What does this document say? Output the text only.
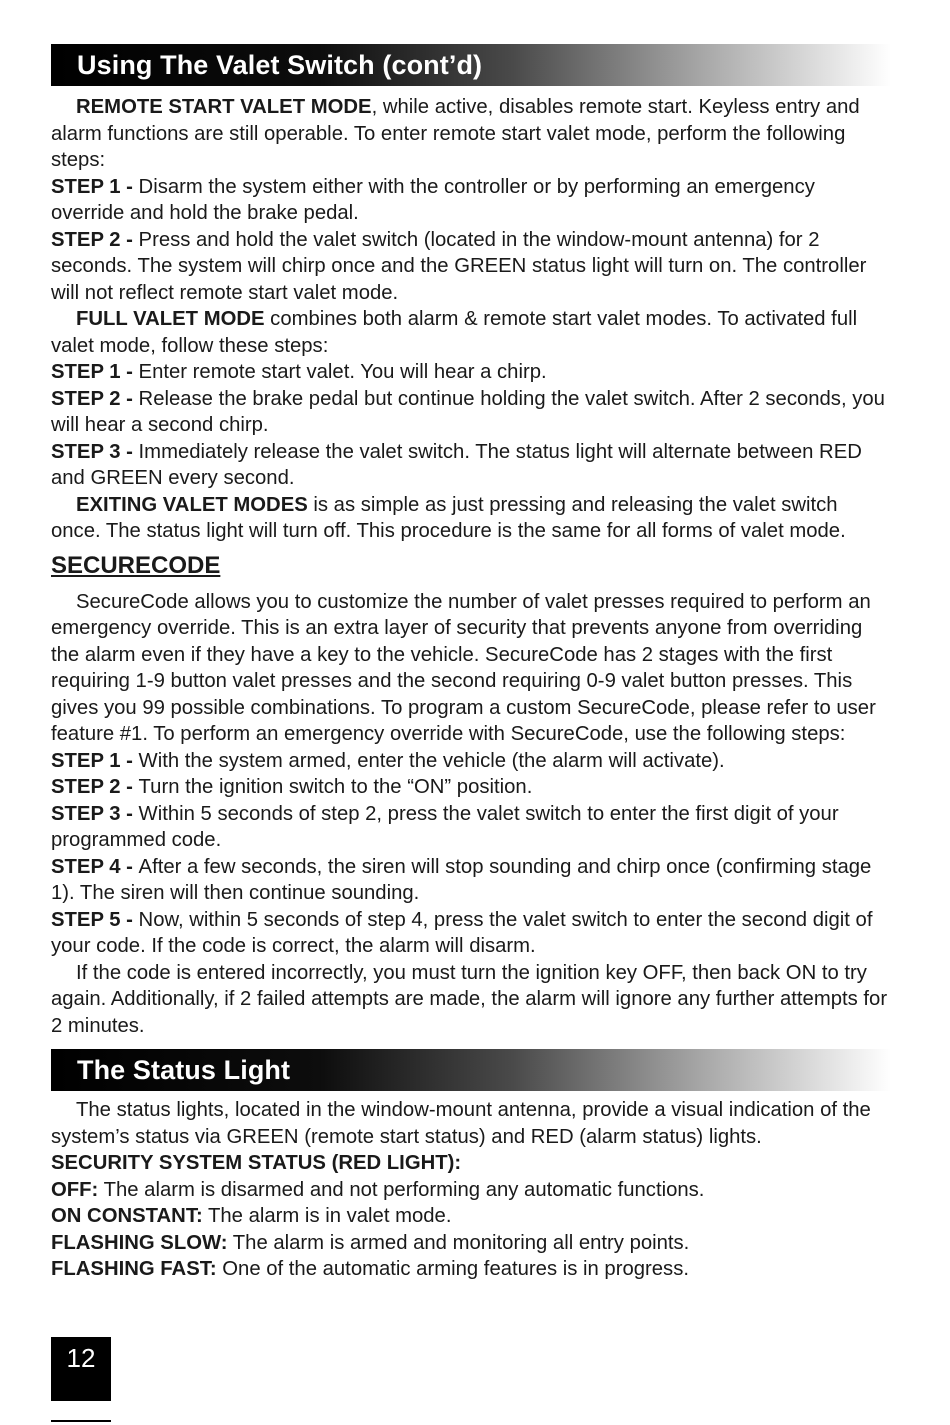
Using The Valet Switch (cont’d)

REMOTE START VALET MODE, while active, disables remote start. Keyless entry and alarm functions are still operable. To enter remote start valet mode, perform the following steps:

STEP 1 - Disarm the system either with the controller or by performing an emergency override and hold the brake pedal.

STEP 2 - Press and hold the valet switch (located in the window-mount antenna) for 2 seconds. The system will chirp once and the GREEN status light will turn on. The controller will not reflect remote start valet mode.

FULL VALET MODE combines both alarm & remote start valet modes. To activated full valet mode, follow these steps:

STEP 1 - Enter remote start valet. You will hear a chirp.

STEP 2 - Release the brake pedal but continue holding the valet switch. After 2 seconds, you will hear a second chirp.

STEP 3 - Immediately release the valet switch. The status light will alternate between RED and GREEN every second.

EXITING VALET MODES is as simple as just pressing and releasing the valet switch once. The status light will turn off. This procedure is the same for all forms of valet mode.

SECURECODE

SecureCode allows you to customize the number of valet presses required to perform an emergency override. This is an extra layer of security that prevents anyone from overriding the alarm even if they have a key to the vehicle. SecureCode has 2 stages with the first requiring 1-9 button valet presses and the second requiring 0-9 valet button presses. This gives you 99 possible combinations. To program a custom SecureCode, please refer to user feature #1. To perform an emergency override with SecureCode, use the following steps:

STEP 1 - With the system armed, enter the vehicle (the alarm will activate).

STEP 2 - Turn the ignition switch to the “ON” position.

STEP 3 - Within 5 seconds of step 2, press the valet switch to enter the first digit of your programmed code.

STEP 4 - After a few seconds, the siren will stop sounding and chirp once (confirming stage 1). The siren will then continue sounding.

STEP 5 - Now, within 5 seconds of step 4, press the valet switch to enter the second digit of your code. If the code is correct, the alarm will disarm.

If the code is entered incorrectly, you must turn the ignition key OFF, then back ON to try again. Additionally, if 2 failed attempts are made, the alarm will ignore any further attempts for 2 minutes.

The Status Light

The status lights, located in the window-mount antenna, provide a visual indication of the system’s status via GREEN (remote start status) and RED (alarm status) lights.

SECURITY SYSTEM STATUS (RED LIGHT):

OFF: The alarm is disarmed and not performing any automatic functions.

ON CONSTANT: The alarm is in valet mode.

FLASHING SLOW: The alarm is armed and monitoring all entry points.

FLASHING FAST: One of the automatic arming features is in progress.

12
